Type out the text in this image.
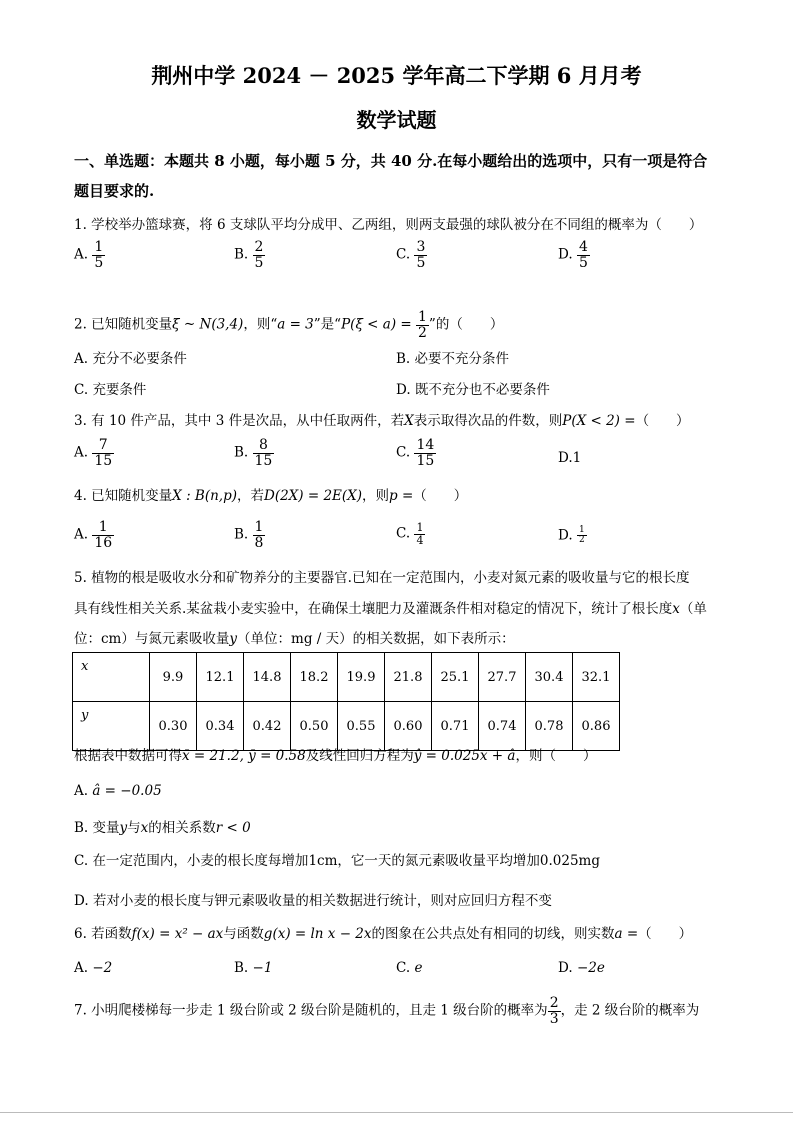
荆州中学 2024 － 2025 学年高二下学期 6 月月考
数学试题
一、单选题：本题共 8 小题，每小题 5 分，共 40 分.在每小题给出的选项中，只有一项是符合
题目要求的.
1. 学校举办篮球赛，将 6 支球队平均分成甲、乙两组，则两支最强的球队被分在不同组的概率为（　　）
A. $\frac{1}{5}$	B. $\frac{2}{5}$	C. $\frac{3}{5}$	D. $\frac{4}{5}$
2. 已知随机变量ξ ~ N(3,4)，则“a = 3”是“$P(\xi < a) = \frac{1}{2}$ ”的（　　）
A. 充分不必要条件	B. 必要不充分条件
C. 充要条件	D. 既不充分也不必要条件
3. 有 10 件产品，其中 3 件是次品，从中任取两件，若X表示取得次品的件数，则P(X < 2) =（　　）
A. $\frac{7}{15}$	B. $\frac{8}{15}$	C. $\frac{14}{15}$	D.1
4. 已知随机变量X : B(n,p)，若D(2X) = 2E(X)，则p =（　　）
A. $\frac{1}{16}$	B. $\frac{1}{8}$	C. $\frac{1}{4}$	D. $\frac{1}{2}$
5. 植物的根是吸收水分和矿物养分的主要器官.已知在一定范围内，小麦对氮元素的吸收量与它的根长度
具有线性相关关系.某盆栽小麦实验中，在确保土壤肥力及灌溉条件相对稳定的情况下，统计了根长度x（单
位：cm）与氮元素吸收量y（单位：mg / 天）的相关数据，如下表所示：
x	9.9	12.1	14.8	18.2	19.9	21.8	25.1	27.7	30.4	32.1
y	0.30	0.34	0.42	0.50	0.55	0.60	0.71	0.74	0.78	0.86
根据表中数据可得x̄ = 21.2, ȳ = 0.58及线性回归方程为ŷ = 0.025x + â，则（　　）
A. â = −0.05
B. 变量y与x的相关系数r < 0
C. 在一定范围内，小麦的根长度每增加1cm，它一天的氮元素吸收量平均增加0.025mg
D. 若对小麦的根长度与钾元素吸收量的相关数据进行统计，则对应回归方程不变
6. 若函数f(x) = x² − ax与函数g(x) = ln x − 2x的图象在公共点处有相同的切线，则实数a =（　　）
A. −2	B. −1	C. e	D. −2e
7. 小明爬楼梯每一步走 1 级台阶或 2 级台阶是随机的，且走 1 级台阶的概率为 $\frac{2}{3}$ ，走 2 级台阶的概率为
